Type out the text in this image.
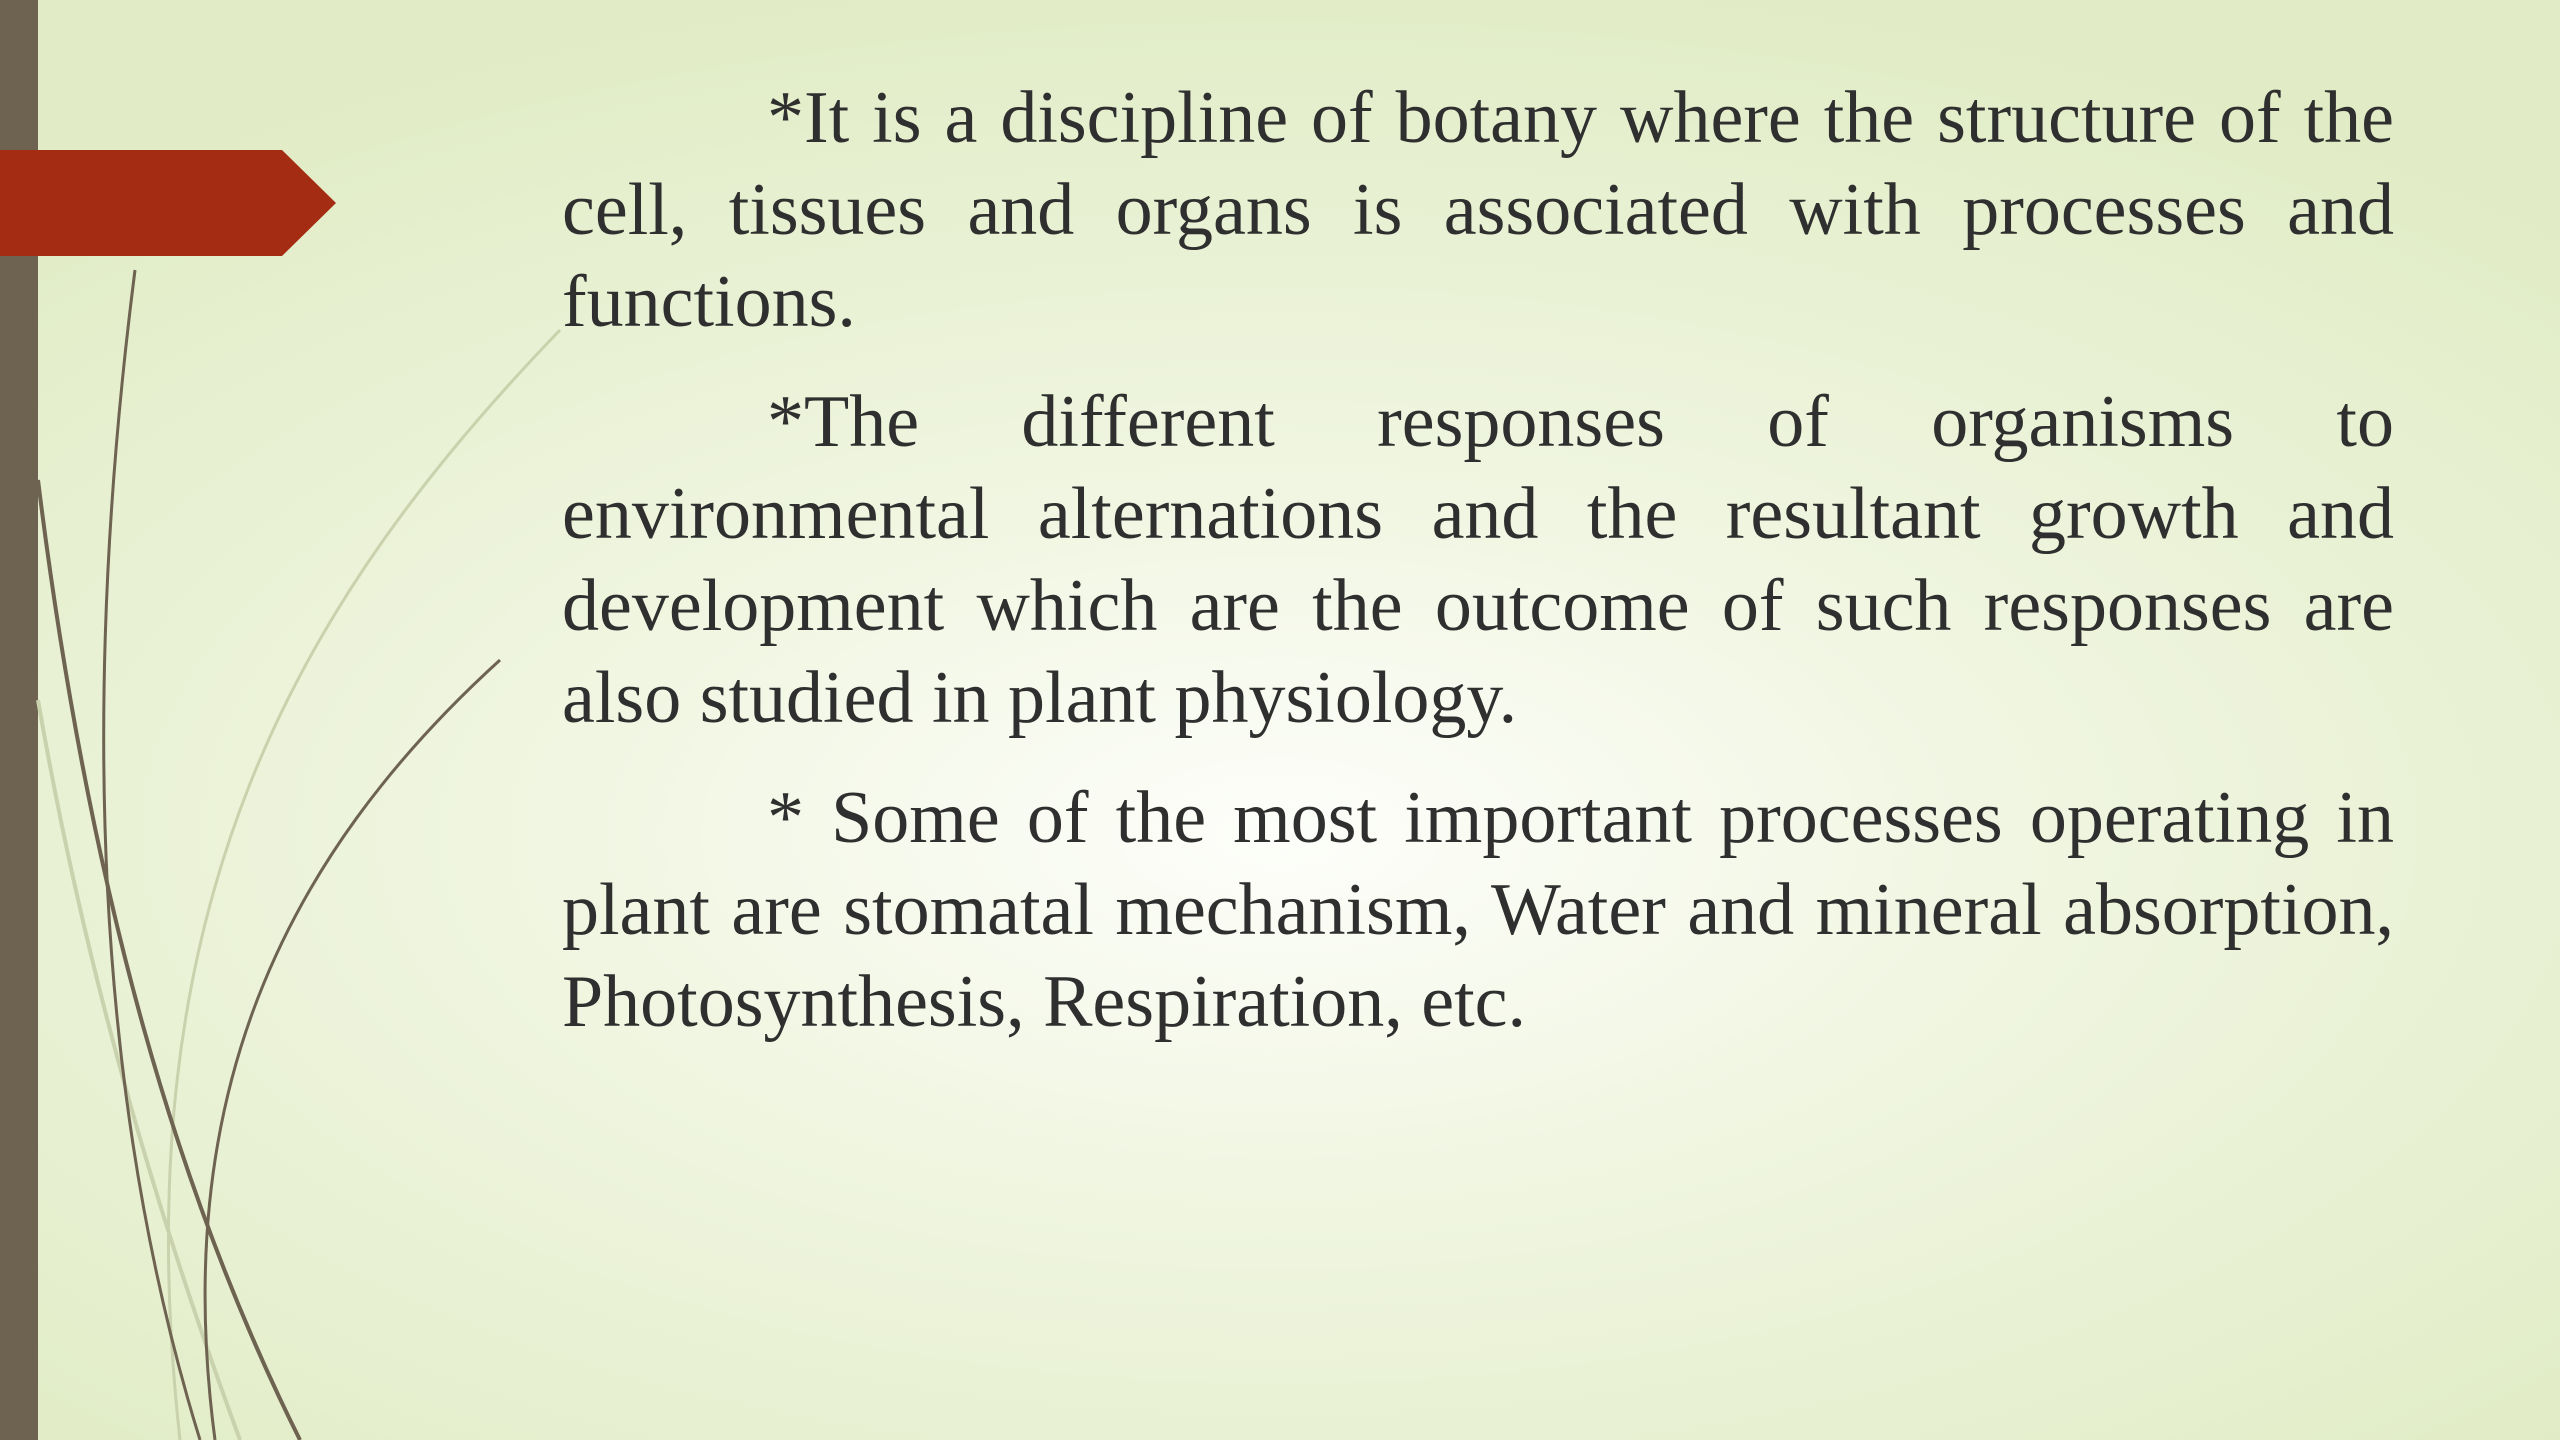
*It is a discipline of botany where the structure of the cell, tissues and organs is associated with processes and functions.

*The different responses of organisms to environmental alternations and the resultant growth and development which are the outcome of such responses are also studied in plant physiology.

* Some of the most important processes operating in plant are stomatal mechanism, Water and mineral absorption, Photosynthesis, Respiration, etc.
